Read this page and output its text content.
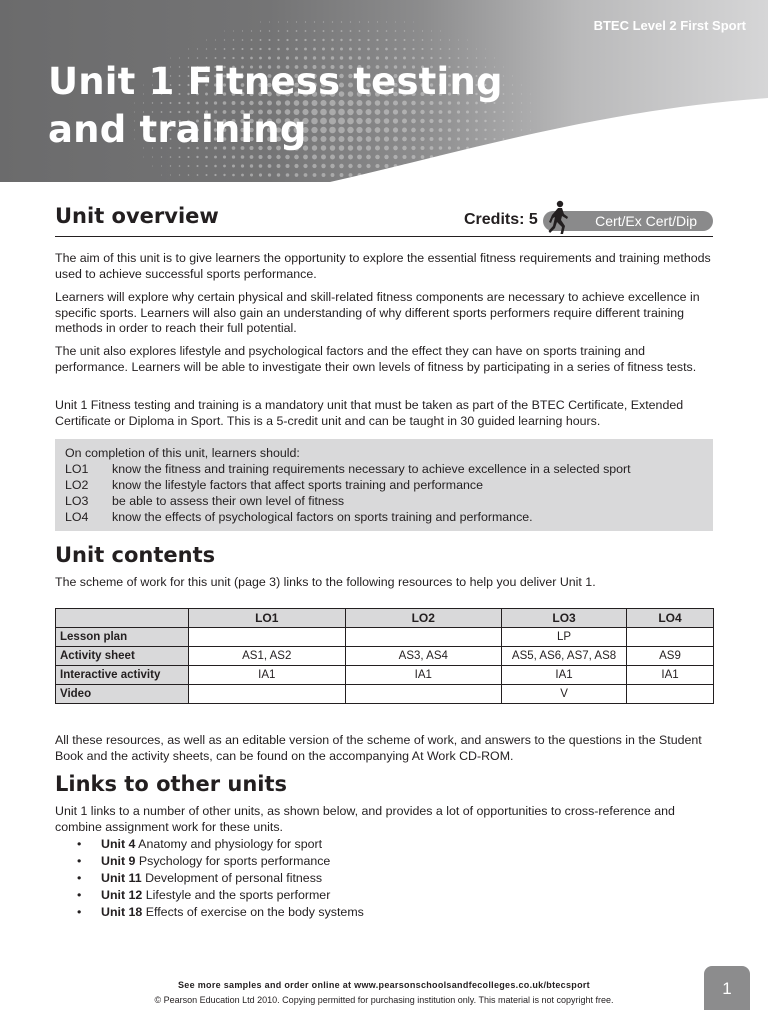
BTEC Level 2 First Sport
Unit 1 Fitness testing
and training
Unit overview	Credits: 5	Cert/Ex Cert/Dip

The aim of this unit is to give learners the opportunity to explore the essential fitness requirements and training methods used to achieve successful sports performance.

Learners will explore why certain physical and skill-related fitness components are necessary to achieve excellence in specific sports. Learners will also gain an understanding of why different sports performers require different training methods in order to reach their full potential.

The unit also explores lifestyle and psychological factors and the effect they can have on sports training and performance. Learners will be able to investigate their own levels of fitness by participating in a series of fitness tests.

Unit 1 Fitness testing and training is a mandatory unit that must be taken as part of the BTEC Certificate, Extended Certificate or Diploma in Sport. This is a 5-credit unit and can be taught in 30 guided learning hours.

On completion of this unit, learners should:
LO1	know the fitness and training requirements necessary to achieve excellence in a selected sport
LO2	know the lifestyle factors that affect sports training and performance
LO3	be able to assess their own level of fitness
LO4	know the effects of psychological factors on sports training and performance.
Unit contents

The scheme of work for this unit (page 3) links to the following resources to help you deliver Unit 1.

	LO1	LO2	LO3	LO4
Lesson plan			LP	
Activity sheet	AS1, AS2	AS3, AS4	AS5, AS6, AS7, AS8	AS9
Interactive activity	IA1	IA1	IA1	IA1
Video			V	

All these resources, as well as an editable version of the scheme of work, and answers to the questions in the Student Book and the activity sheets, can be found on the accompanying At Work CD-ROM.

Links to other units

Unit 1 links to a number of other units, as shown below, and provides a lot of opportunities to cross-reference and combine assignment work for these units.

• Unit 4 Anatomy and physiology for sport
• Unit 9 Psychology for sports performance
• Unit 11 Development of personal fitness
• Unit 12 Lifestyle and the sports performer
• Unit 18 Effects of exercise on the body systems
See more samples and order online at www.pearsonschoolsandfecolleges.co.uk/btecsport
© Pearson Education Ltd 2010. Copying permitted for purchasing institution only. This material is not copyright free.
1
